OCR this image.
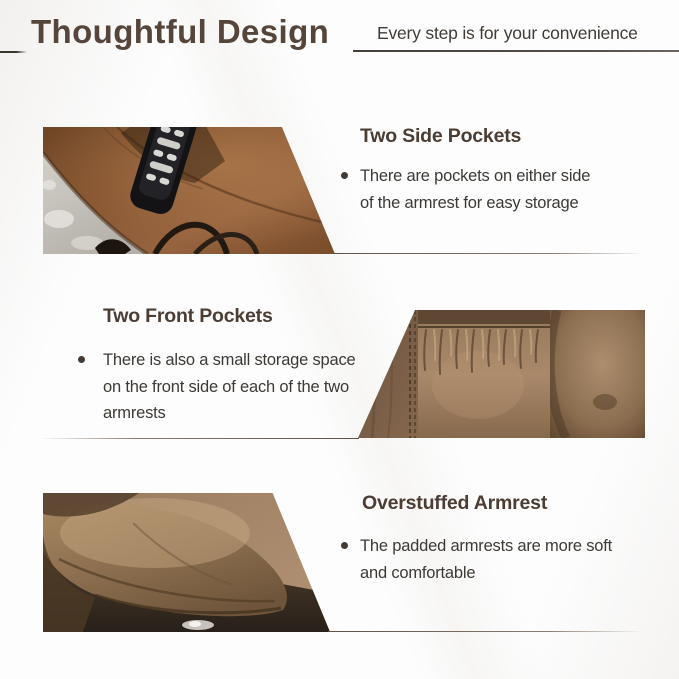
Thoughtful Design	Every step is for your convenience
Two Side Pockets
There are pockets on either side
of the armrest for easy storage
Two Front Pockets
There is also a small storage space
on the front side of each of the two
armrests
Overstuffed Armrest
The padded armrests are more soft
and comfortable
